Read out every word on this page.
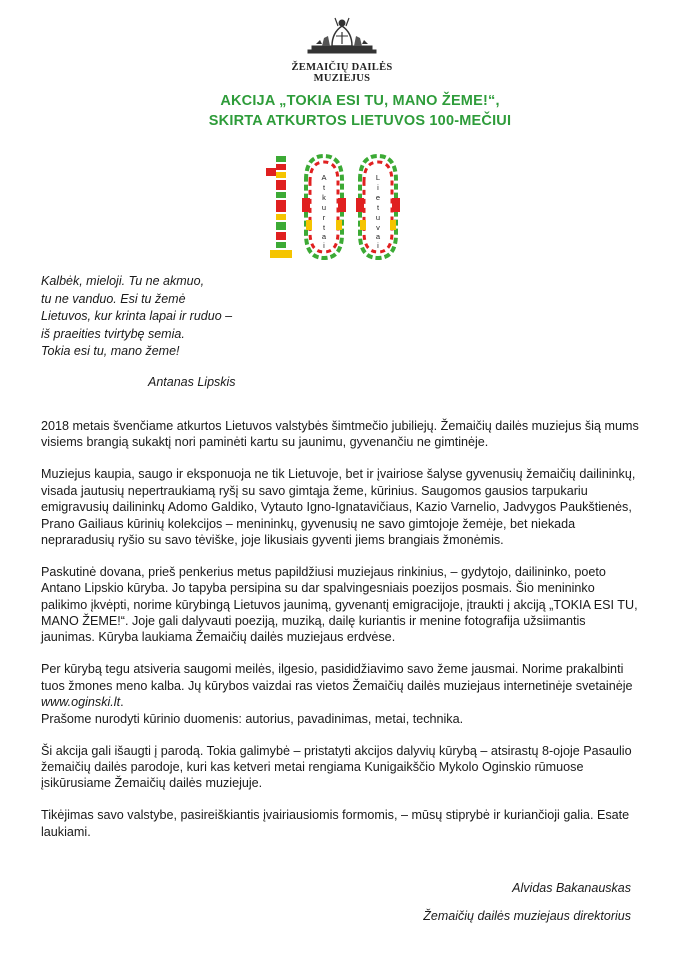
ŽEMAIČIŲ DAILĖS MUZIEJUS
AKCIJA „TOKIA ESI TU, MANO ŽEME!“,
SKIRTA ATKURTOS LIETUVOS 100-MEČIUI
A
t
k
u
r
t
a
i
L
i
e
t
u
v
a
i
Kalbėk, mieloji. Tu ne akmuo,
tu ne vanduo. Esi tu žemė
Lietuvos, kur krinta lapai ir ruduo –
iš praeities tvirtybę semia.
Tokia esi tu, mano žeme!
Antanas Lipskis

2018 metais švenčiame atkurtos Lietuvos valstybės šimtmečio jubiliejų. Žemaičių dailės muziejus šią mums visiems brangią sukaktį nori paminėti kartu su jaunimu, gyvenančiu ne gimtinėje.

Muziejus kaupia, saugo ir eksponuoja ne tik Lietuvoje, bet ir įvairiose šalyse gyvenusių žemaičių dailininkų, visada jautusių nepertraukiamą ryšį su savo gimtąja žeme, kūrinius. Saugomos gausios tarpukariu emigravusių dailininkų Adomo Galdiko, Vytauto Igno-Ignatavičiaus, Kazio Varnelio, Jadvygos Paukštienės, Prano Gailiaus kūrinių kolekcijos – menininkų, gyvenusių ne savo gimtojoje žemėje, bet niekada nepraradusių ryšio su savo tėviške, joje likusiais gyventi jiems brangiais žmonėmis.

Paskutinė dovana, prieš penkerius metus papildžiusi muziejaus rinkinius, – gydytojo, dailininko, poeto Antano Lipskio kūryba. Jo tapyba persipina su dar spalvingesniais poezijos posmais. Šio menininko palikimo įkvėpti, norime kūrybingą Lietuvos jaunimą, gyvenantį emigracijoje, įtraukti į akciją „TOKIA ESI TU, MANO ŽEME!“. Joje gali dalyvauti poeziją, muziką, dailę kuriantis ir menine fotografija užsiimantis jaunimas. Kūryba laukiama Žemaičių dailės muziejaus erdvėse.

Per kūrybą tegu atsiveria saugomi meilės, ilgesio, pasididžiavimo savo žeme jausmai. Norime prakalbinti tuos žmones meno kalba. Jų kūrybos vaizdai ras vietos Žemaičių dailės muziejaus internetinėje svetainėje www.oginski.lt.
Prašome nurodyti kūrinio duomenis: autorius, pavadinimas, metai, technika.

Ši akcija gali išaugti į parodą. Tokia galimybė – pristatyti akcijos dalyvių kūrybą – atsirastų 8-ojoje Pasaulio žemaičių dailės parodoje, kuri kas ketveri metai rengiama Kunigaikščio Mykolo Oginskio rūmuose įsikūrusiame Žemaičių dailės muziejuje.

Tikėjimas savo valstybe, pasireiškiantis įvairiausiomis formomis, – mūsų stiprybė ir kuriančioji galia. Esate laukiami.

Alvidas Bakanauskas
Žemaičių dailės muziejaus direktorius
